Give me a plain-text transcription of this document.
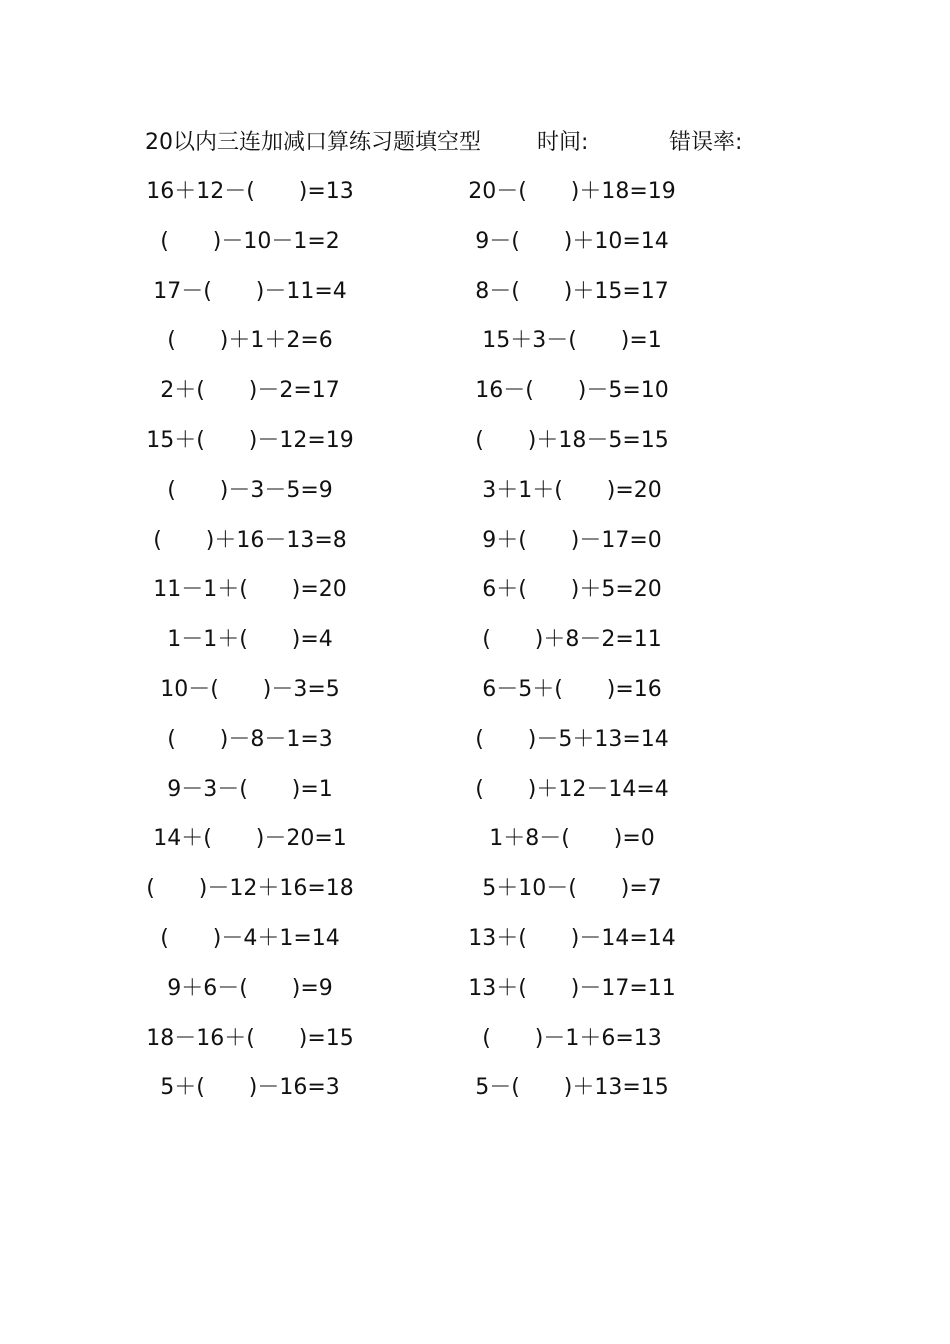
20以内三连加减口算练习题填空型	时间:	错误率:
16＋12－(　　)=13	20－(　　)＋18=19
(　　)－10－1=2	9－(　　)＋10=14
17－(　　)－11=4	8－(　　)＋15=17
(　　)＋1＋2=6	15＋3－(　　)=1
2＋(　　)－2=17	16－(　　)－5=10
15＋(　　)－12=19	(　　)＋18－5=15
(　　)－3－5=9	3＋1＋(　　)=20
(　　)＋16－13=8	9＋(　　)－17=0
11－1＋(　　)=20	6＋(　　)＋5=20
1－1＋(　　)=4	(　　)＋8－2=11
10－(　　)－3=5	6－5＋(　　)=16
(　　)－8－1=3	(　　)－5＋13=14
9－3－(　　)=1	(　　)＋12－14=4
14＋(　　)－20=1	1＋8－(　　)=0
(　　)－12＋16=18	5＋10－(　　)=7
(　　)－4＋1=14	13＋(　　)－14=14
9＋6－(　　)=9	13＋(　　)－17=11
18－16＋(　　)=15	(　　)－1＋6=13
5＋(　　)－16=3	5－(　　)＋13=15
